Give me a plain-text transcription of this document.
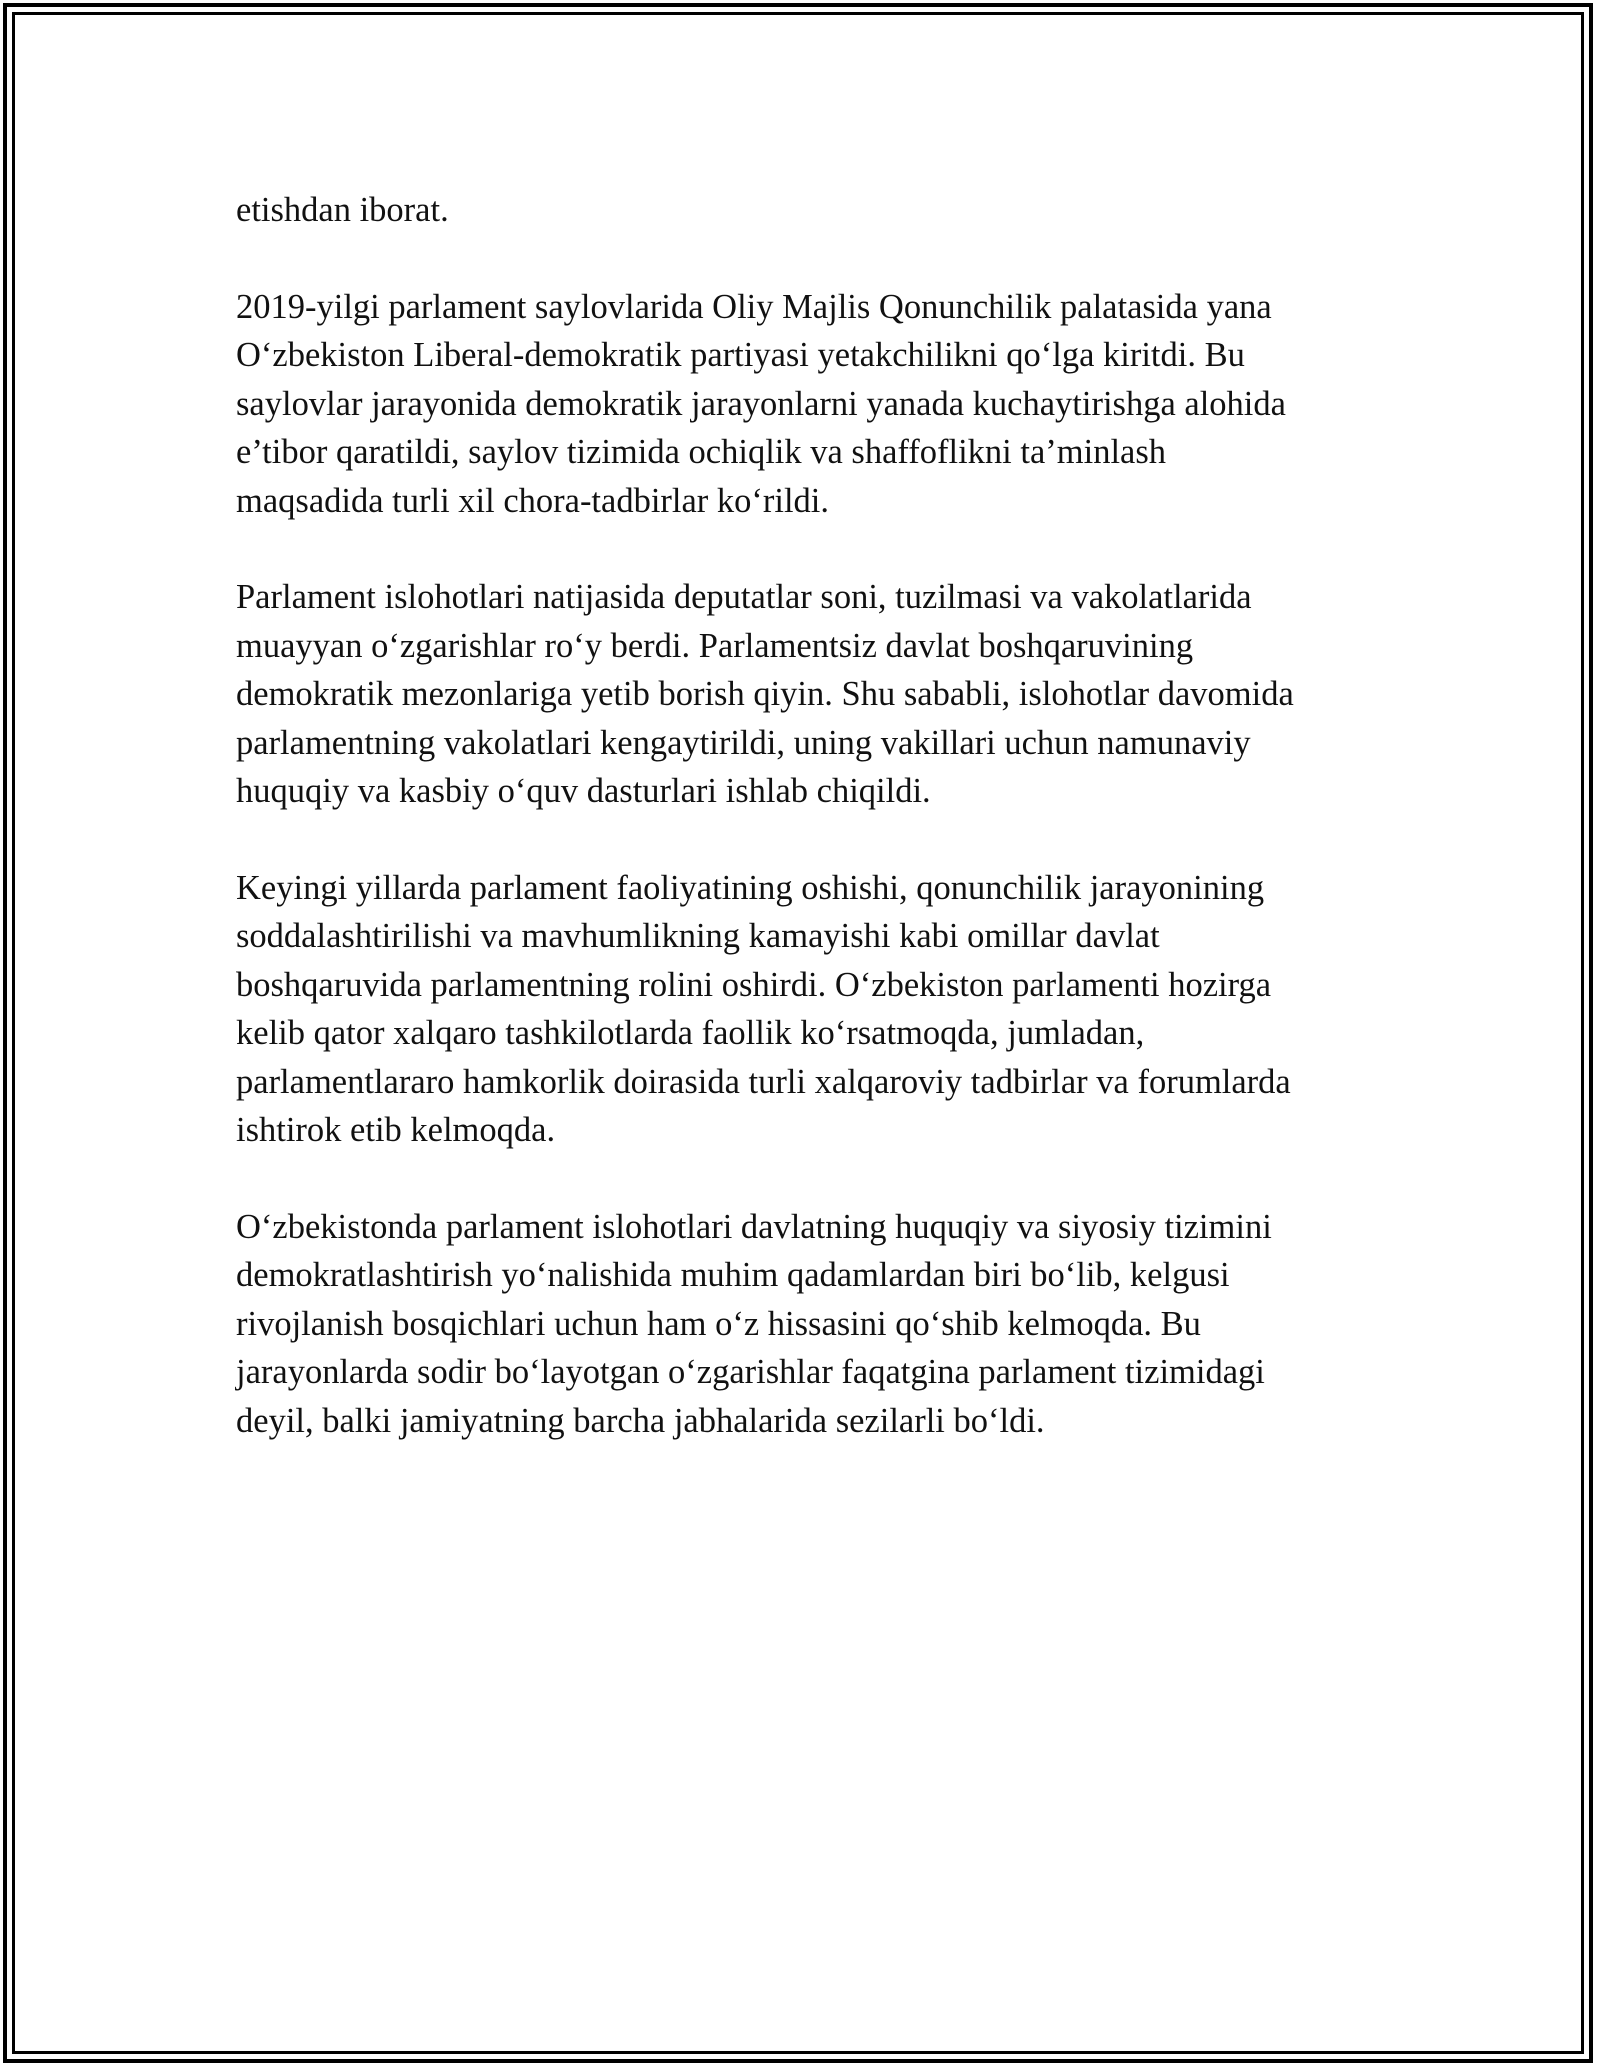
etishdan iborat.

2019-yilgi parlament saylovlarida Oliy Majlis Qonunchilik palatasida yana
O‘zbekiston Liberal-demokratik partiyasi yetakchilikni qo‘lga kiritdi. Bu
saylovlar jarayonida demokratik jarayonlarni yanada kuchaytirishga alohida
e’tibor qaratildi, saylov tizimida ochiqlik va shaffoflikni ta’minlash
maqsadida turli xil chora-tadbirlar ko‘rildi.

Parlament islohotlari natijasida deputatlar soni, tuzilmasi va vakolatlarida
muayyan o‘zgarishlar ro‘y berdi. Parlamentsiz davlat boshqaruvining
demokratik mezonlariga yetib borish qiyin. Shu sababli, islohotlar davomida
parlamentning vakolatlari kengaytirildi, uning vakillari uchun namunaviy
huquqiy va kasbiy o‘quv dasturlari ishlab chiqildi.

Keyingi yillarda parlament faoliyatining oshishi, qonunchilik jarayonining
soddalashtirilishi va mavhumlikning kamayishi kabi omillar davlat
boshqaruvida parlamentning rolini oshirdi. O‘zbekiston parlamenti hozirga
kelib qator xalqaro tashkilotlarda faollik ko‘rsatmoqda, jumladan,
parlamentlararo hamkorlik doirasida turli xalqaroviy tadbirlar va forumlarda
ishtirok etib kelmoqda.

O‘zbekistonda parlament islohotlari davlatning huquqiy va siyosiy tizimini
demokratlashtirish yo‘nalishida muhim qadamlardan biri bo‘lib, kelgusi
rivojlanish bosqichlari uchun ham o‘z hissasini qo‘shib kelmoqda. Bu
jarayonlarda sodir bo‘layotgan o‘zgarishlar faqatgina parlament tizimidagi
deyil, balki jamiyatning barcha jabhalarida sezilarli bo‘ldi.
